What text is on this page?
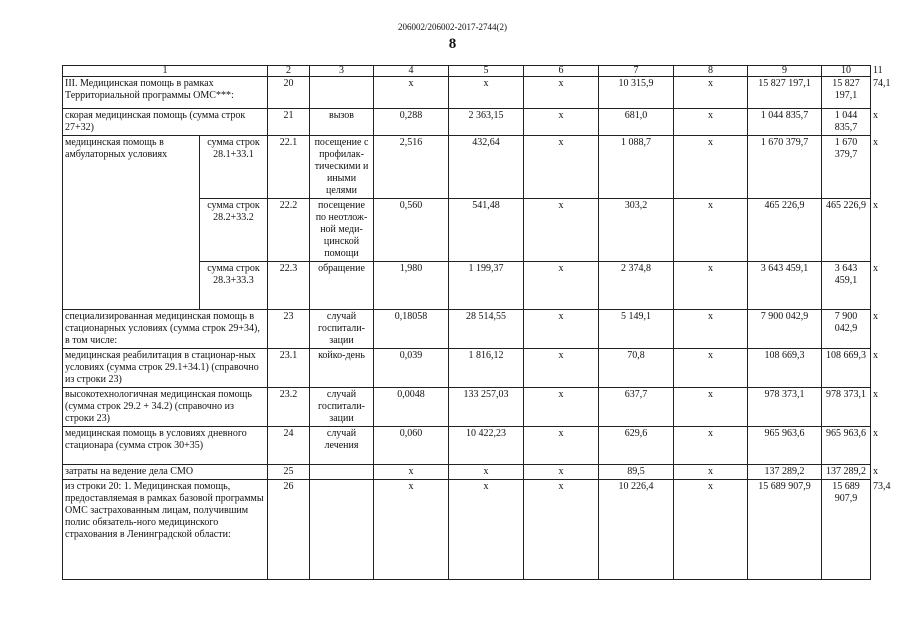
206002/206002-2017-2744(2)
8
1		2	3	4	5	6	7	8	9	10	11
III. Медицинская помощь в рамках Территориальной программы ОМС***:		20		х	х	х	10 315,9	х	15 827 197,1	15 827 197,1	74,1
скорая медицинская помощь (сумма строк 27+32)		21	вызов	0,288	2 363,15	х	681,0	х	1 044 835,7	1 044 835,7	х
медицинская помощь в амбулаторных условиях	сумма строк 28.1+33.1	22.1	посещение с профилак-тическими и иными целями	2,516	432,64	х	1 088,7	х	1 670 379,7	1 670 379,7	х
	сумма строк 28.2+33.2	22.2	посещение по неотлож-ной меди-цинской помощи	0,560	541,48	х	303,2	х	465 226,9	465 226,9	х
	сумма строк 28.3+33.3	22.3	обращение	1,980	1 199,37	х	2 374,8	х	3 643 459,1	3 643 459,1	х
специализированная медицинская помощь в стационарных условиях (сумма строк 29+34), в том числе:		23	случай госпитали-зации	0,18058	28 514,55	х	5 149,1	х	7 900 042,9	7 900 042,9	х
медицинская реабилитация в стационар-ных условиях (сумма строк 29.1+34.1) (справочно из строки 23)		23.1	койко-день	0,039	1 816,12	х	70,8	х	108 669,3	108 669,3	х
высокотехнологичная медицинская помощь (сумма строк 29.2 + 34.2) (справочно из строки 23)		23.2	случай госпитали-зации	0,0048	133 257,03	х	637,7	х	978 373,1	978 373,1	х
медицинская помощь в условиях дневного стационара (сумма строк 30+35)		24	случай лечения	0,060	10 422,23	х	629,6	х	965 963,6	965 963,6	х
затраты на ведение дела СМО		25		х	х	х	89,5	х	137 289,2	137 289,2	х
из строки 20: 1. Медицинская помощь, предоставляемая в рамках базовой программы ОМС застрахованным лицам, получившим полис обязатель-ного медицинского страхования в Ленинградской области:		26		х	х	х	10 226,4	х	15 689 907,9	15 689 907,9	73,4
